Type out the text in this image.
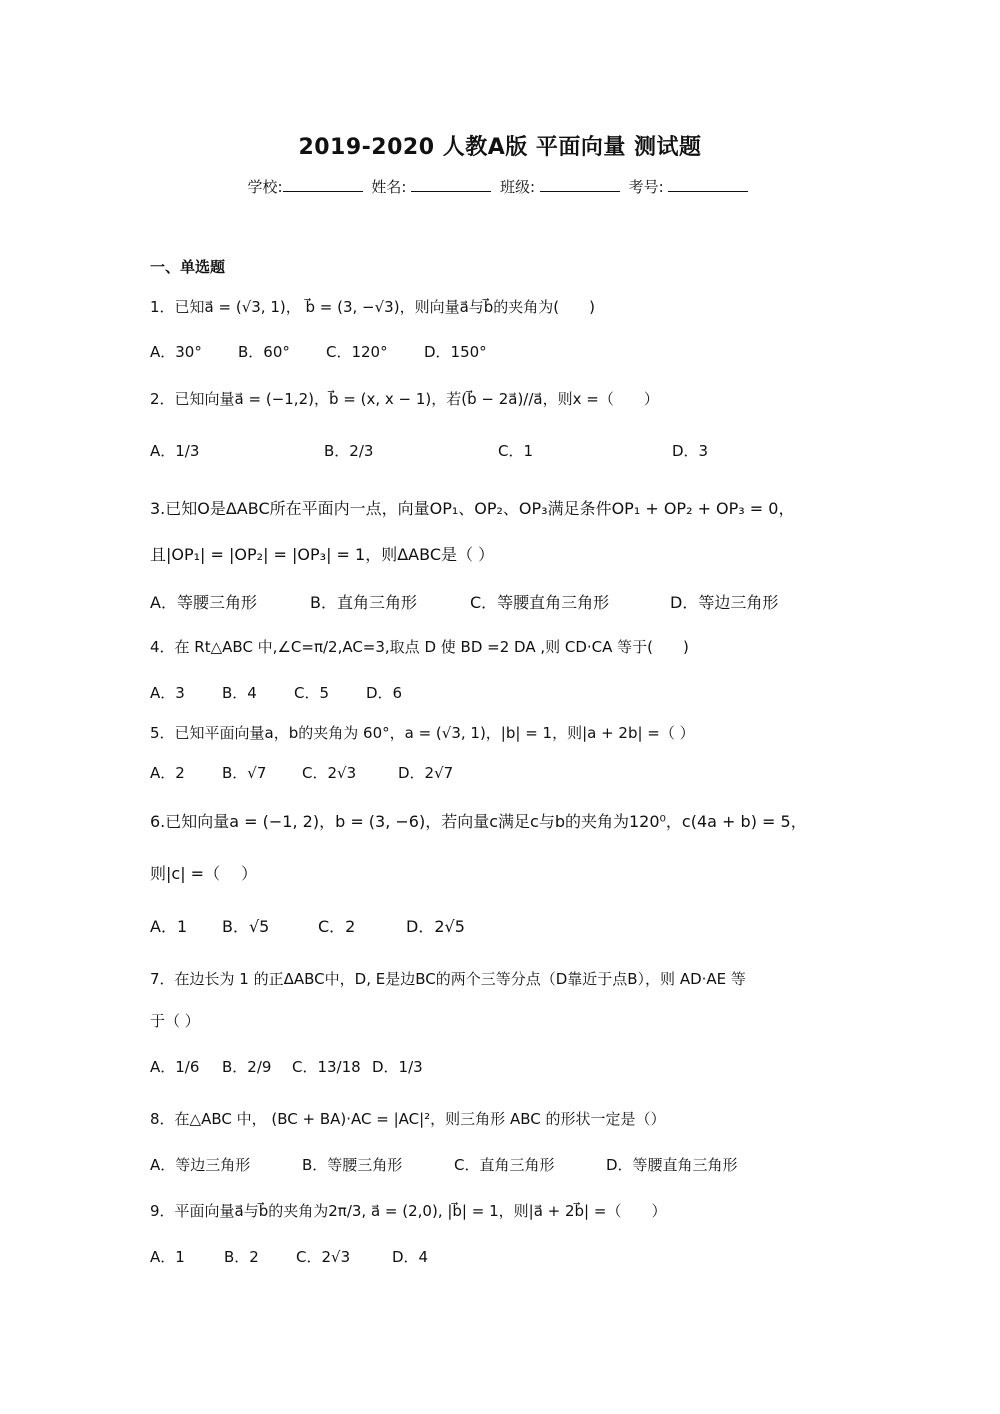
2019-2020 人教A版 平面向量 测试题
学校:	姓名:	班级:	考号:
一、单选题
1．已知a⃗ = (√3, 1)， b⃗ = (3, −√3)，则向量a⃗与b⃗的夹角为(　　)
A．30° B．60° C．120° D．150°
2．已知向量a⃗ = (−1,2)，b⃗ = (x, x − 1)，若(b⃗ − 2a⃗)//a⃗，则x =（　　）
A．1/3	B．2/3	C．1	D．3
3.已知O是ΔABC所在平面内一点，向量OP₁、OP₂、OP₃满足条件OP₁ + OP₂ + OP₃ = 0，
且|OP₁| = |OP₂| = |OP₃| = 1，则ΔABC是（ ）
A．等腰三角形	B．直角三角形	C．等腰直角三角形	D．等边三角形
4．在 Rt△ABC 中,∠C=π/2,AC=3,取点 D 使 BD =2 DA ,则 CD·CA 等于(　　)
A．3 B．4 C．5 D．6
5．已知平面向量a，b的夹角为 60°，a = (√3, 1)，|b| = 1，则|a + 2b| =（ ）
A．2 B．√7 C．2√3	D．2√7
6.已知向量a = (−1, 2)，b = (3, −6)，若向量c满足c与b的夹角为120⁰，c(4a + b) = 5，
则|c| =（　 ）
A．1 B．√5	C．2	D．2√5
7．在边长为 1 的正ΔABC中，D, E是边BC的两个三等分点（D靠近于点B），则 AD·AE 等
于（ ）
A．1/6 B．2/9 C．13/18 D．1/3
8．在△ABC 中， (BC + BA)·AC = |AC|²，则三角形 ABC 的形状一定是（）
A．等边三角形	B．等腰三角形	C．直角三角形	D．等腰直角三角形
9．平面向量a⃗与b⃗的夹角为2π/3, a⃗ = (2,0), |b⃗| = 1，则|a⃗ + 2b⃗| =（　　）
A．1	B．2 C．2√3	D．4
